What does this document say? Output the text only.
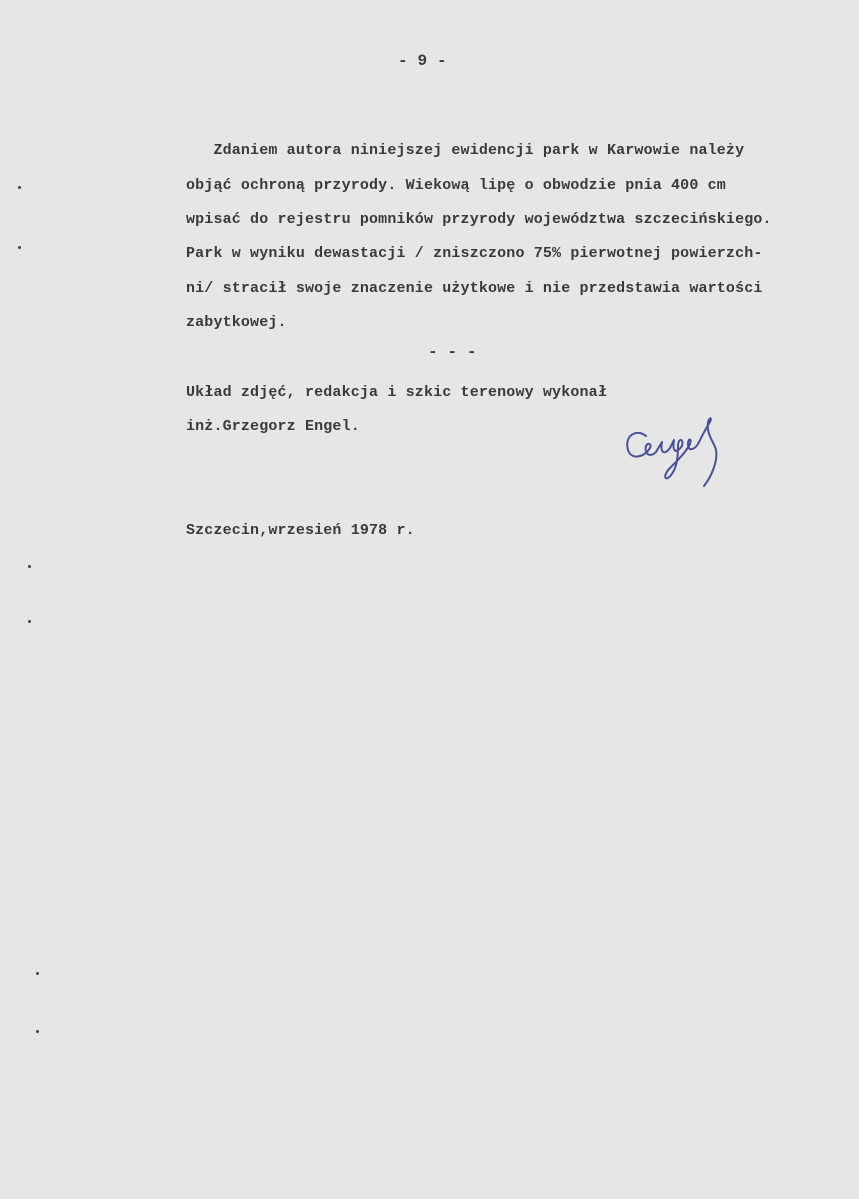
- 9 -
Zdaniem autora niniejszej ewidencji park w Karwowie należy
objąć ochroną przyrody. Wiekową lipę o obwodzie pnia 400 cm
wpisać do rejestru pomników przyrody województwa szczecińskiego.
Park w wyniku dewastacji / zniszczono 75% pierwotnej powierzch-
ni/ stracił swoje znaczenie użytkowe i nie przedstawia wartości
zabytkowej.
- - -
Układ zdjęć, redakcja i szkic terenowy wykonał
inż.Grzegorz Engel.
Szczecin,wrzesień 1978 r.
